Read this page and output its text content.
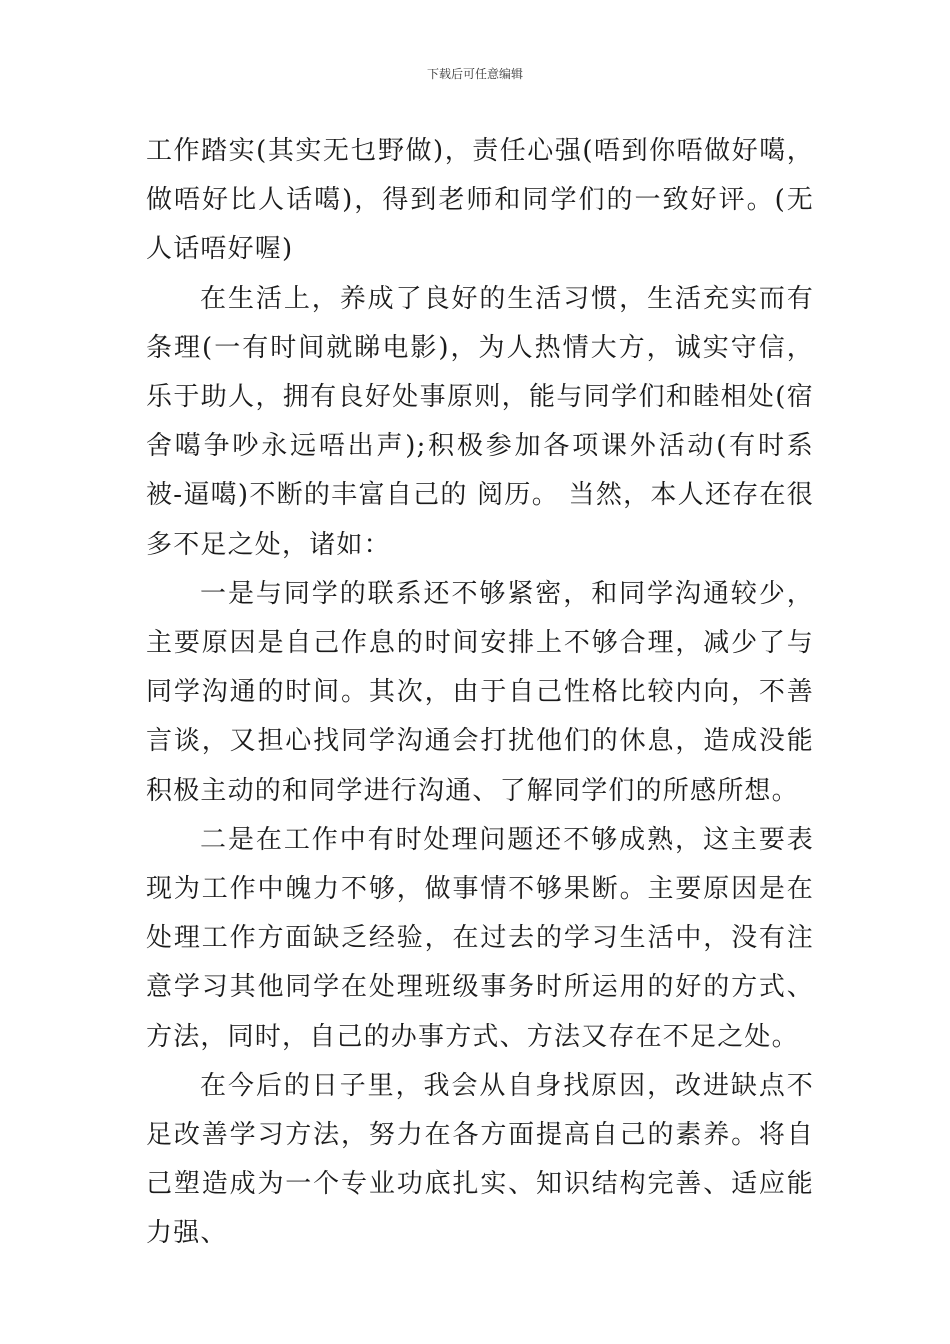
下载后可任意编辑

工作踏实(其实无乜野做)，责任心强(唔到你唔做好噶，做唔好比人话噶)，得到老师和同学们的一致好评。(无人话唔好喔)

在生活上，养成了良好的生活习惯，生活充实而有条理(一有时间就睇电影)，为人热情大方，诚实守信，乐于助人，拥有良好处事原则，能与同学们和睦相处(宿舍噶争吵永远唔出声);积极参加各项课外活动(有时系被-逼噶)不断的丰富自己的 阅历。 当然，本人还存在很多不足之处，诸如：

一是与同学的联系还不够紧密，和同学沟通较少，主要原因是自己作息的时间安排上不够合理，减少了与同学沟通的时间。其次，由于自己性格比较内向，不善言谈，又担心找同学沟通会打扰他们的休息，造成没能积极主动的和同学进行沟通、了解同学们的所感所想。

二是在工作中有时处理问题还不够成熟，这主要表现为工作中魄力不够，做事情不够果断。主要原因是在处理工作方面缺乏经验，在过去的学习生活中，没有注意学习其他同学在处理班级事务时所运用的好的方式、方法，同时，自己的办事方式、方法又存在不足之处。

在今后的日子里，我会从自身找原因，改进缺点不足改善学习方法，努力在各方面提高自己的素养。将自己塑造成为一个专业功底扎实、知识结构完善、适应能力强、
